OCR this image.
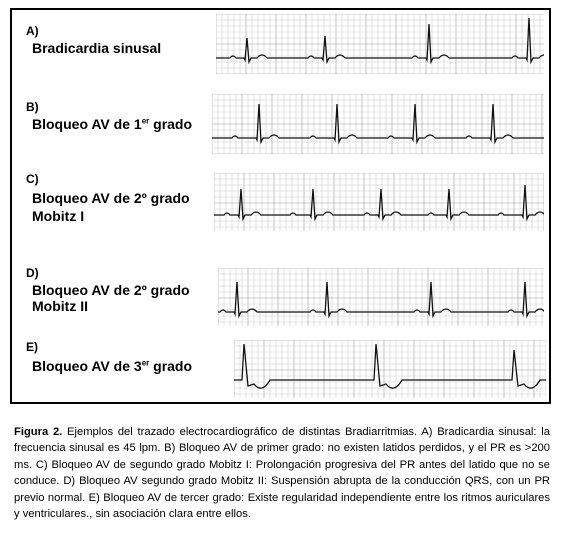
A)
Bradicardia sinusal
B)
Bloqueo AV de 1er grado
C)
Bloqueo AV de 2º grado
Mobitz I
D)
Bloqueo AV de 2º grado
Mobitz II
E)
Bloqueo AV de 3er grado
Figura 2. Ejemplos del trazado electrocardiográfico de distintas Bradiarritmias. A) Bradicardia sinusal: la frecuencia sinusal es 45 lpm. B) Bloqueo AV de primer grado: no existen latidos perdidos, y el PR es >200 ms. C) Bloqueo AV de segundo grado Mobitz I: Prolongación progresiva del PR antes del latido que no se conduce. D) Bloqueo AV segundo grado Mobitz II: Suspensión abrupta de la conducción QRS, con un PR previo normal. E) Bloqueo AV de tercer grado: Existe regularidad independiente entre los ritmos auriculares y ventriculares., sin asociación clara entre ellos.
